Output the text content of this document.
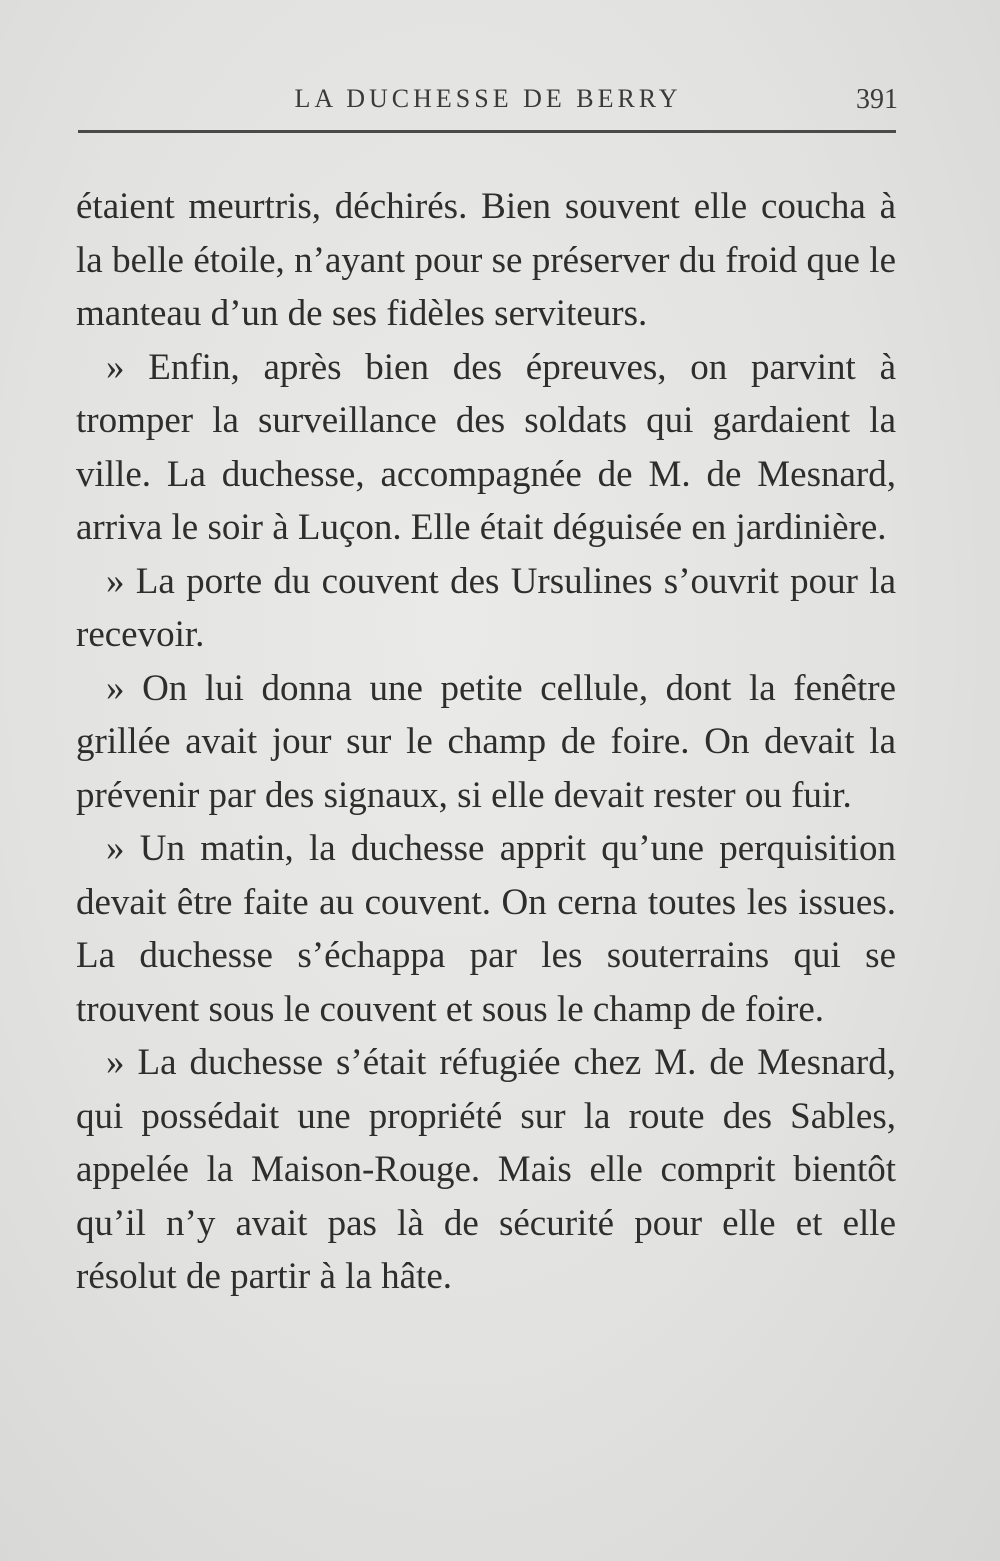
LA DUCHESSE DE BERRY	391

étaient meurtris, déchirés. Bien souvent elle coucha à la belle étoile, n’ayant pour se préserver du froid que le manteau d’un de ses fidèles serviteurs.

» Enfin, après bien des épreuves, on parvint à tromper la surveillance des soldats qui gardaient la ville. La duchesse, accompagnée de M. de Mesnard, arriva le soir à Luçon. Elle était déguisée en jardinière.

» La porte du couvent des Ursulines s’ouvrit pour la recevoir.

» On lui donna une petite cellule, dont la fenêtre grillée avait jour sur le champ de foire. On devait la prévenir par des signaux, si elle devait rester ou fuir.

» Un matin, la duchesse apprit qu’une perquisition devait être faite au couvent. On cerna toutes les issues. La duchesse s’échappa par les souterrains qui se trouvent sous le couvent et sous le champ de foire.

» La duchesse s’était réfugiée chez M. de Mesnard, qui possédait une propriété sur la route des Sables, appelée la Maison-Rouge. Mais elle comprit bientôt qu’il n’y avait pas là de sécurité pour elle et elle résolut de partir à la hâte.
